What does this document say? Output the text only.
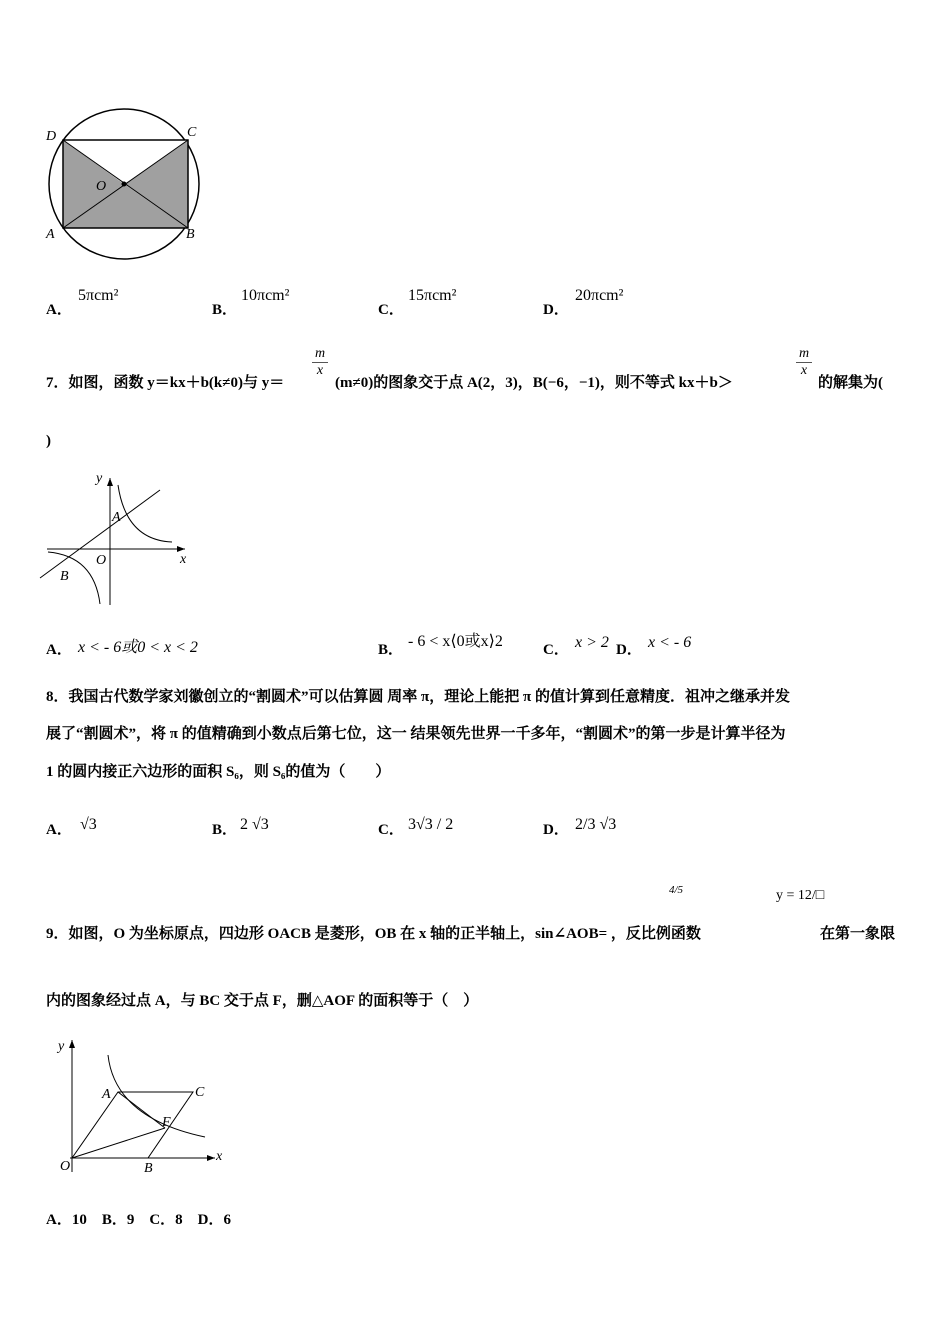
D	C
A	B
O
A．
5πcm²
B．
10πcm²
C．
15πcm²
D．
20πcm²
7．如图，函数 y＝kx＋b(k≠0)与 y＝
m
x
(m≠0)的图象交于点 A(2，3)，B(−6，−1)，则不等式 kx＋b＞
m
x
的解集为(
)
y
x
O
A
B
A． x < - 6或0 < x < 2	B． - 6 < x⟨0或x⟩2	C． x > 2 D． x < - 6
8．我国古代数学家刘徽创立的“割圆术”可以估算圆 周率 π，理论上能把 π 的值计算到任意精度．祖冲之继承并发
展了“割圆术”，将 π 的值精确到小数点后第七位，这一 结果领先世界一千多年，“割圆术”的第一步是计算半径为
1 的圆内接正六边形的面积 S₆，则 S₆的值为（　　）
A． √3	B． 2 √3	C． 3√3 / 2	D． 2/3 √3
4/5	y = 12/□
9．如图，O 为坐标原点，四边形 OACB 是菱形，OB 在 x 轴的正半轴上，sin∠AOB= ，反比例函数	在第一象限
内的图象经过点 A，与 BC 交于点 F，删△AOF 的面积等于（　）
y
x
O
A
B
C
F
A．10　B．9　C．8　D．6
